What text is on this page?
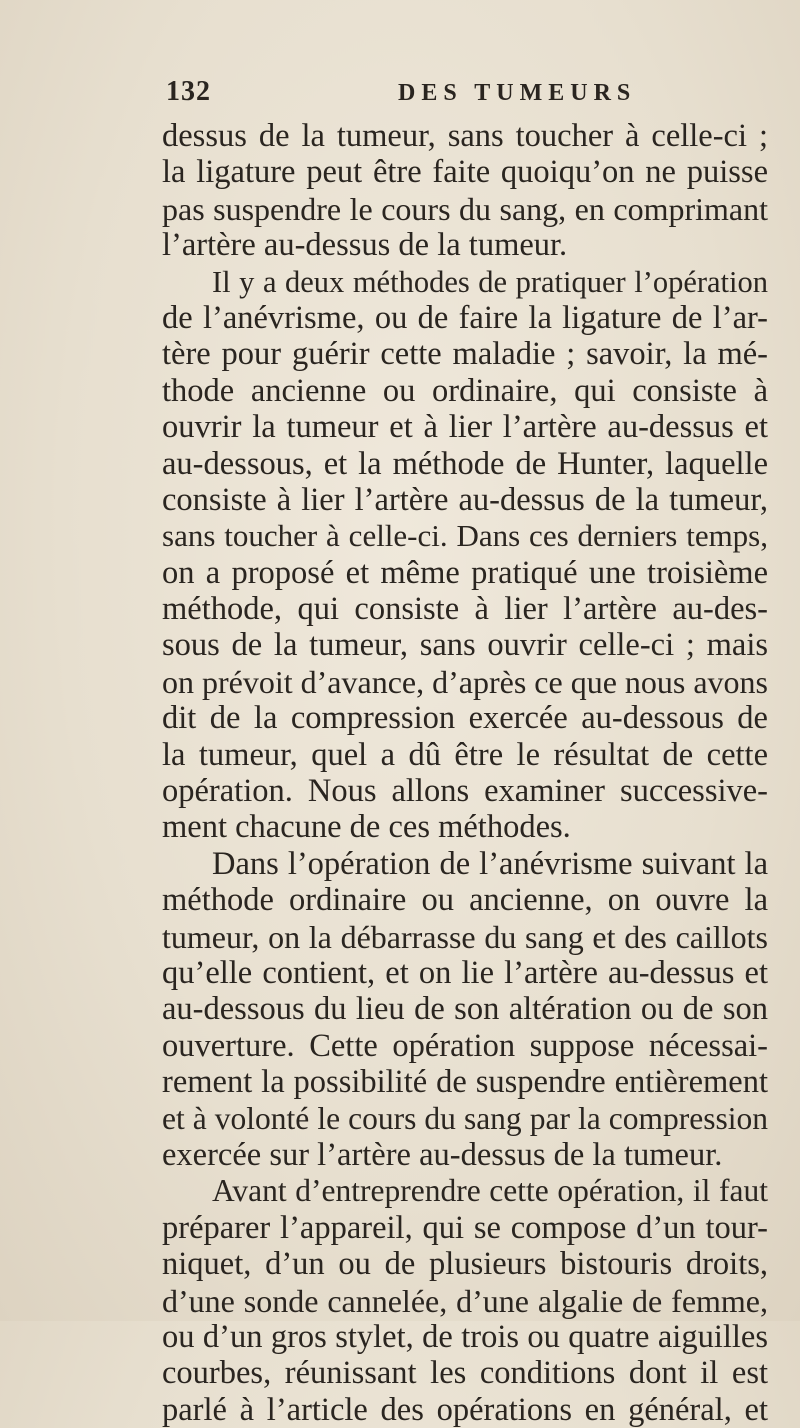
132	DES TUMEURS
dessus de la tumeur, sans toucher à celle-ci ;
la ligature peut être faite quoiqu’on ne puisse
pas suspendre le cours du sang, en comprimant
l’artère au-dessus de la tumeur.
Il y a deux méthodes de pratiquer l’opération
de l’anévrisme, ou de faire la ligature de l’ar-
tère pour guérir cette maladie ; savoir, la mé-
thode ancienne ou ordinaire, qui consiste à
ouvrir la tumeur et à lier l’artère au-dessus et
au-dessous, et la méthode de Hunter, laquelle
consiste à lier l’artère au-dessus de la tumeur,
sans toucher à celle-ci. Dans ces derniers temps,
on a proposé et même pratiqué une troisième
méthode, qui consiste à lier l’artère au-des-
sous de la tumeur, sans ouvrir celle-ci ; mais
on prévoit d’avance, d’après ce que nous avons
dit de la compression exercée au-dessous de
la tumeur, quel a dû être le résultat de cette
opération. Nous allons examiner successive-
ment chacune de ces méthodes.
Dans l’opération de l’anévrisme suivant la
méthode ordinaire ou ancienne, on ouvre la
tumeur, on la débarrasse du sang et des caillots
qu’elle contient, et on lie l’artère au-dessus et
au-dessous du lieu de son altération ou de son
ouverture. Cette opération suppose nécessai-
rement la possibilité de suspendre entièrement
et à volonté le cours du sang par la compression
exercée sur l’artère au-dessus de la tumeur.
Avant d’entreprendre cette opération, il faut
préparer l’appareil, qui se compose d’un tour-
niquet, d’un ou de plusieurs bistouris droits,
d’une sonde cannelée, d’une algalie de femme,
ou d’un gros stylet, de trois ou quatre aiguilles
courbes, réunissant les conditions dont il est
parlé à l’article des opérations en général, et
